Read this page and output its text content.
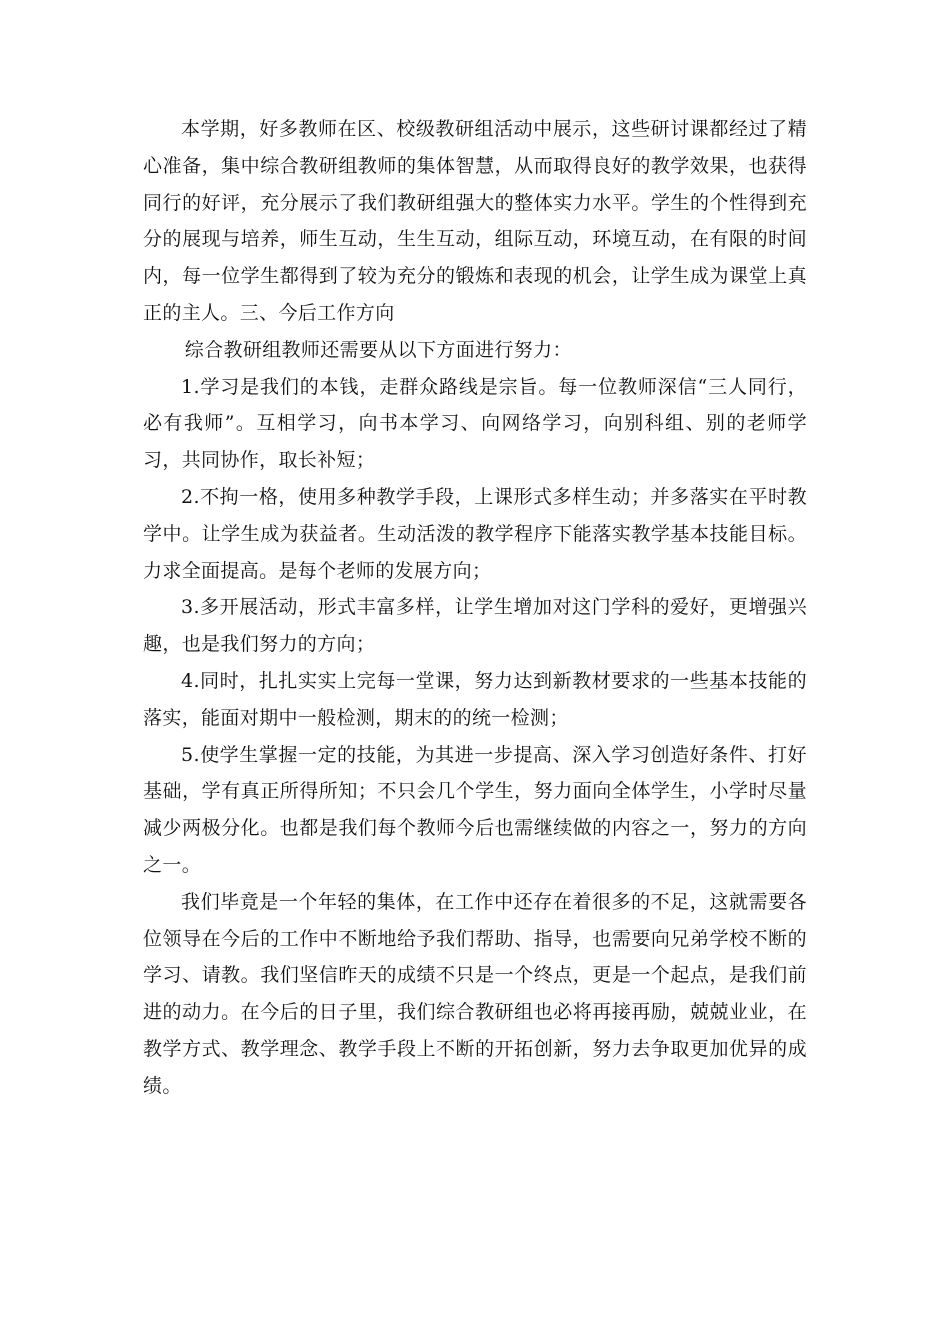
本学期，好多教师在区、校级教研组活动中展示，这些研讨课都经过了精心准备，集中综合教研组教师的集体智慧，从而取得良好的教学效果，也获得同行的好评，充分展示了我们教研组强大的整体实力水平。学生的个性得到充分的展现与培养，师生互动，生生互动，组际互动，环境互动，在有限的时间内，每一位学生都得到了较为充分的锻炼和表现的机会，让学生成为课堂上真正的主人。三、今后工作方向

综合教研组教师还需要从以下方面进行努力：

1.学习是我们的本钱，走群众路线是宗旨。每一位教师深信“三人同行，必有我师”。互相学习，向书本学习、向网络学习，向别科组、别的老师学习，共同协作，取长补短；

2.不拘一格，使用多种教学手段，上课形式多样生动；并多落实在平时教学中。让学生成为获益者。生动活泼的教学程序下能落实教学基本技能目标。力求全面提高。是每个老师的发展方向；

3.多开展活动，形式丰富多样，让学生增加对这门学科的爱好，更增强兴趣，也是我们努力的方向；

4.同时，扎扎实实上完每一堂课，努力达到新教材要求的一些基本技能的落实，能面对期中一般检测，期末的的统一检测；

5.使学生掌握一定的技能，为其进一步提高、深入学习创造好条件、打好基础，学有真正所得所知；不只会几个学生，努力面向全体学生，小学时尽量减少两极分化。也都是我们每个教师今后也需继续做的内容之一，努力的方向之一。

我们毕竟是一个年轻的集体，在工作中还存在着很多的不足，这就需要各位领导在今后的工作中不断地给予我们帮助、指导，也需要向兄弟学校不断的学习、请教。我们坚信昨天的成绩不只是一个终点，更是一个起点，是我们前进的动力。在今后的日子里，我们综合教研组也必将再接再励，兢兢业业，在教学方式、教学理念、教学手段上不断的开拓创新，努力去争取更加优异的成绩。
